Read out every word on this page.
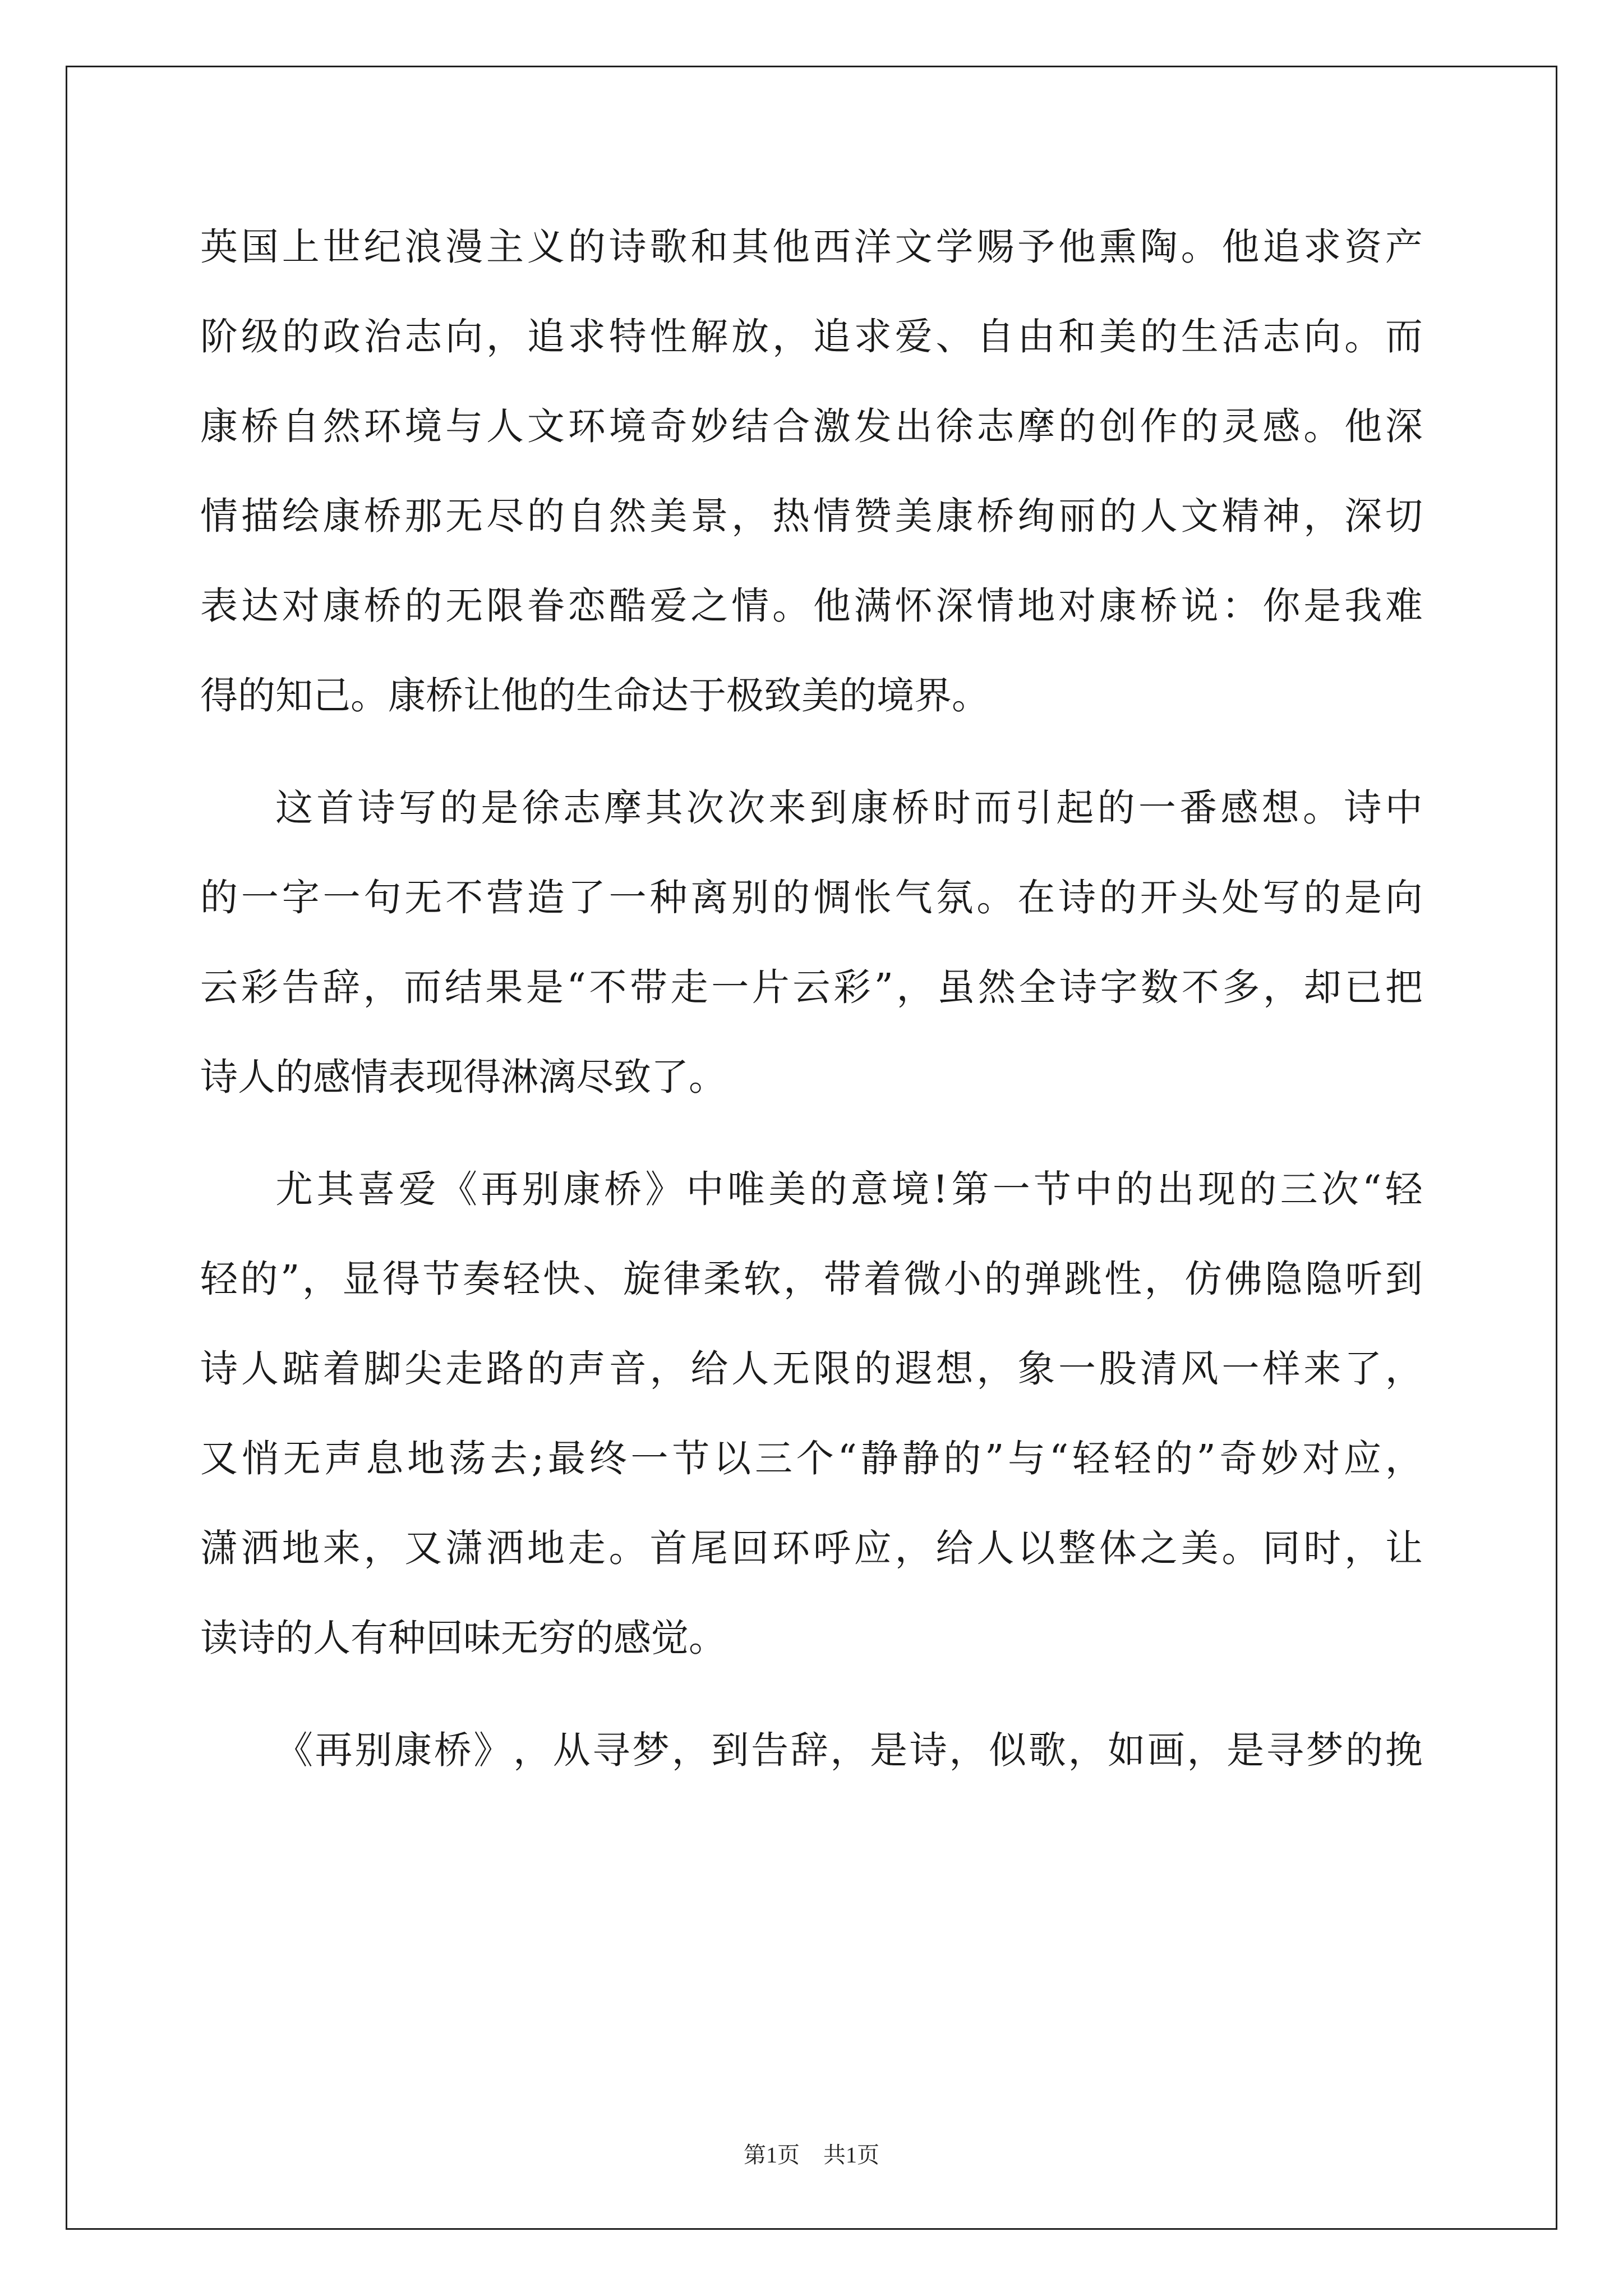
英 国 上 世 纪 浪 漫 主 义 的 诗 歌 和 其 他 西 洋 文 学 赐 予 他 熏 陶 。 他 追 求 资 产
阶 级 的 政 治 志 向 ， 追 求 特 性 解 放 ， 追 求 爱 、 自 由 和 美 的 生 活 志 向 。 而
康 桥 自 然 环 境 与 人 文 环 境 奇 妙 结 合 激 发 出 徐 志 摩 的 创 作 的 灵 感 。 他 深
情 描 绘 康 桥 那 无 尽 的 自 然 美 景 ， 热 情 赞 美 康 桥 绚 丽 的 人 文 精 神 ， 深 切
表 达 对 康 桥 的 无 限 眷 恋 酷 爱 之 情 。 他 满 怀 深 情 地 对 康 桥 说 ： 你 是 我 难
得的知己。康桥让他的生命达于极致美的境界。
这 首 诗 写 的 是 徐 志 摩 其 次 次 来 到 康 桥 时 而 引 起 的 一 番 感 想 。 诗 中
的 一 字 一 句 无 不 营 造 了 一 种 离 别 的 惆 怅 气 氛 。 在 诗 的 开 头 处 写 的 是 向
云 彩 告 辞 ， 而 结 果 是 “ 不 带 走 一 片 云 彩 ” ， 虽 然 全 诗 字 数 不 多 ， 却 已 把
诗人的感情表现得淋漓尽致了。
尤 其 喜 爱 《 再 别 康 桥 》 中 唯 美 的 意 境 ! 第 一 节 中 的 出 现 的 三 次 “ 轻
轻 的 ” ， 显 得 节 奏 轻 快 、 旋 律 柔 软 ， 带 着 微 小 的 弹 跳 性 ， 仿 佛 隐 隐 听 到
诗 人 踮 着 脚 尖 走 路 的 声 音 ， 给 人 无 限 的 遐 想 ， 象 一 股 清 风 一 样 来 了 ，
又 悄 无 声 息 地 荡 去 ; 最 终 一 节 以 三 个 “ 静 静 的 ” 与 “ 轻 轻 的 ” 奇 妙 对 应 ，
潇 洒 地 来 ， 又 潇 洒 地 走 。 首 尾 回 环 呼 应 ， 给 人 以 整 体 之 美 。 同 时 ， 让
读诗的人有种回味无穷的感觉。
《 再 别 康 桥 》 ， 从 寻 梦 ， 到 告 辞 ， 是 诗 ， 似 歌 ， 如 画 ， 是 寻 梦 的 挽
第1页 共1页
